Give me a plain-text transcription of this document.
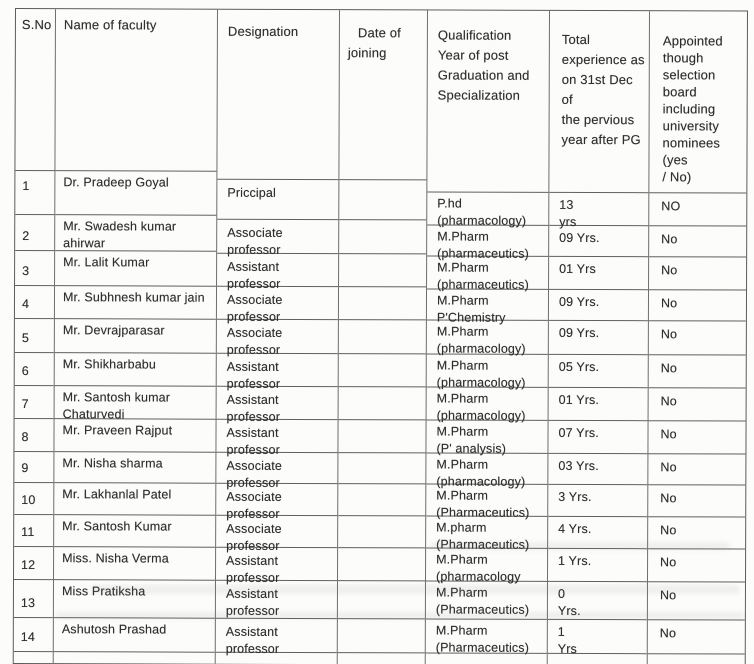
S.No
1
2
3
4
5
6
7
8
9
10
11
12
13
14
Name of faculty
Dr. Pradeep Goyal
Mr. Swadesh kumar
ahirwar
Mr. Lalit Kumar
Mr. Subhnesh kumar jain
Mr. Devrajparasar
Mr. Shikharbabu
Mr. Santosh kumar
Chaturvedi
Mr. Praveen Rajput
Mr. Nisha sharma
Mr. Lakhanlal Patel
Mr. Santosh Kumar
Miss. Nisha Verma
Miss Pratiksha
Ashutosh Prashad
Designation
Priccipal
Associate
professor
Assistant
professor
Associate
professor
Associate
professor
Assistant
professor
Assistant
professor
Assistant
professor
Associate
professor
Associate
professor
Associate
professor
Assistant
professor
Assistant
professor
Assistant
professor
Date of
joining
Qualification
Year of post
Graduation and
Specialization
P.hd
(pharmacology)
M.Pharm
(pharmaceutics)
M.Pharm
(pharmaceutics)
M.Pharm
P'Chemistry
M.Pharm
(pharmacology)
M.Pharm
(pharmacology)
M.Pharm
(pharmacology)
M.Pharm
(P' analysis)
M.Pharm
(pharmacology)
M.Pharm
(Pharmaceutics)
M.pharm
(Pharmaceutics)
M.Pharm
(pharmacology
M.Pharm
(Pharmaceutics)
M.Pharm
(Pharmaceutics)
Total
experience as
on 31st Dec of
the pervious
year after PG
13
yrs
09 Yrs.
01 Yrs
09 Yrs.
09 Yrs.
05 Yrs.
01 Yrs.
07 Yrs.
03 Yrs.
3 Yrs.
4 Yrs.
1 Yrs.
0
Yrs.
1
Yrs
Appointed
though
selection
board
including
university
nominees (yes
/ No)
NO
No
No
No
No
No
No
No
No
No
No
No
No
No
